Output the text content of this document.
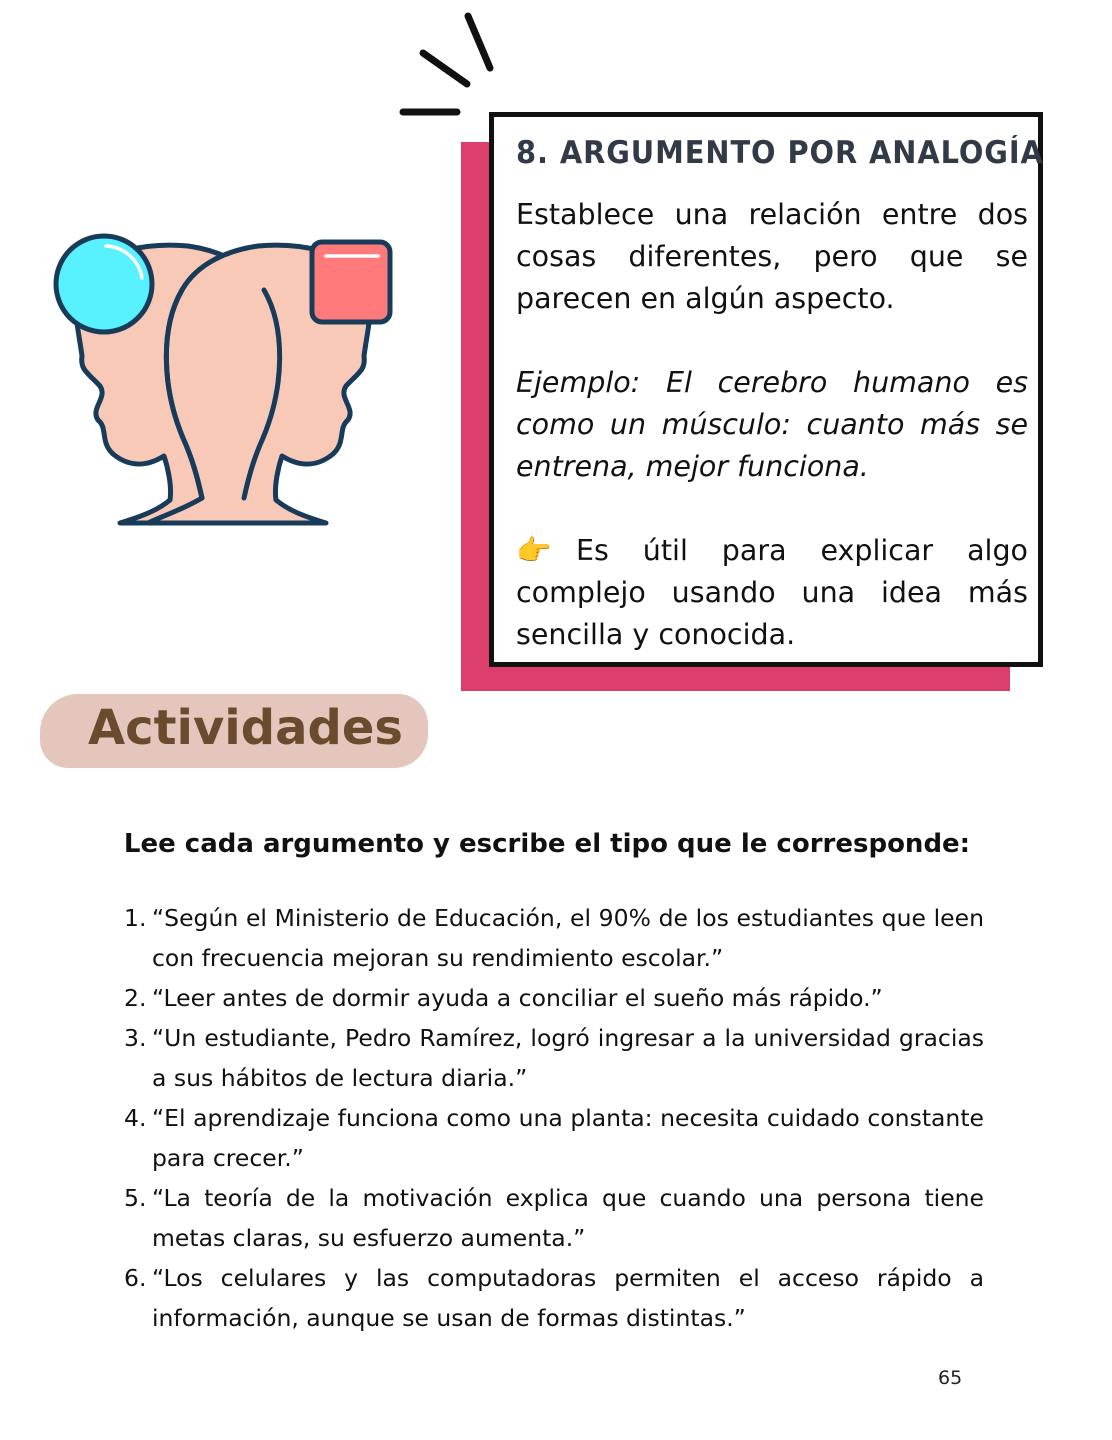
8. ARGUMENTO POR ANALOGÍA

Establece una relación entre dos cosas diferentes, pero que se parecen en algún aspecto.

Ejemplo: El cerebro humano es como un músculo: cuanto más se entrena, mejor funciona.

👉 Es útil para explicar algo complejo usando una idea más sencilla y conocida.

Actividades

Lee cada argumento y escribe el tipo que le corresponde:

1. “Según el Ministerio de Educación, el 90% de los estudiantes que leen con frecuencia mejoran su rendimiento escolar.”
2. “Leer antes de dormir ayuda a conciliar el sueño más rápido.”
3. “Un estudiante, Pedro Ramírez, logró ingresar a la universidad gracias a sus hábitos de lectura diaria.”
4. “El aprendizaje funciona como una planta: necesita cuidado constante para crecer.”
5. “La teoría de la motivación explica que cuando una persona tiene metas claras, su esfuerzo aumenta.”
6. “Los celulares y las computadoras permiten el acceso rápido a información, aunque se usan de formas distintas.”
65
